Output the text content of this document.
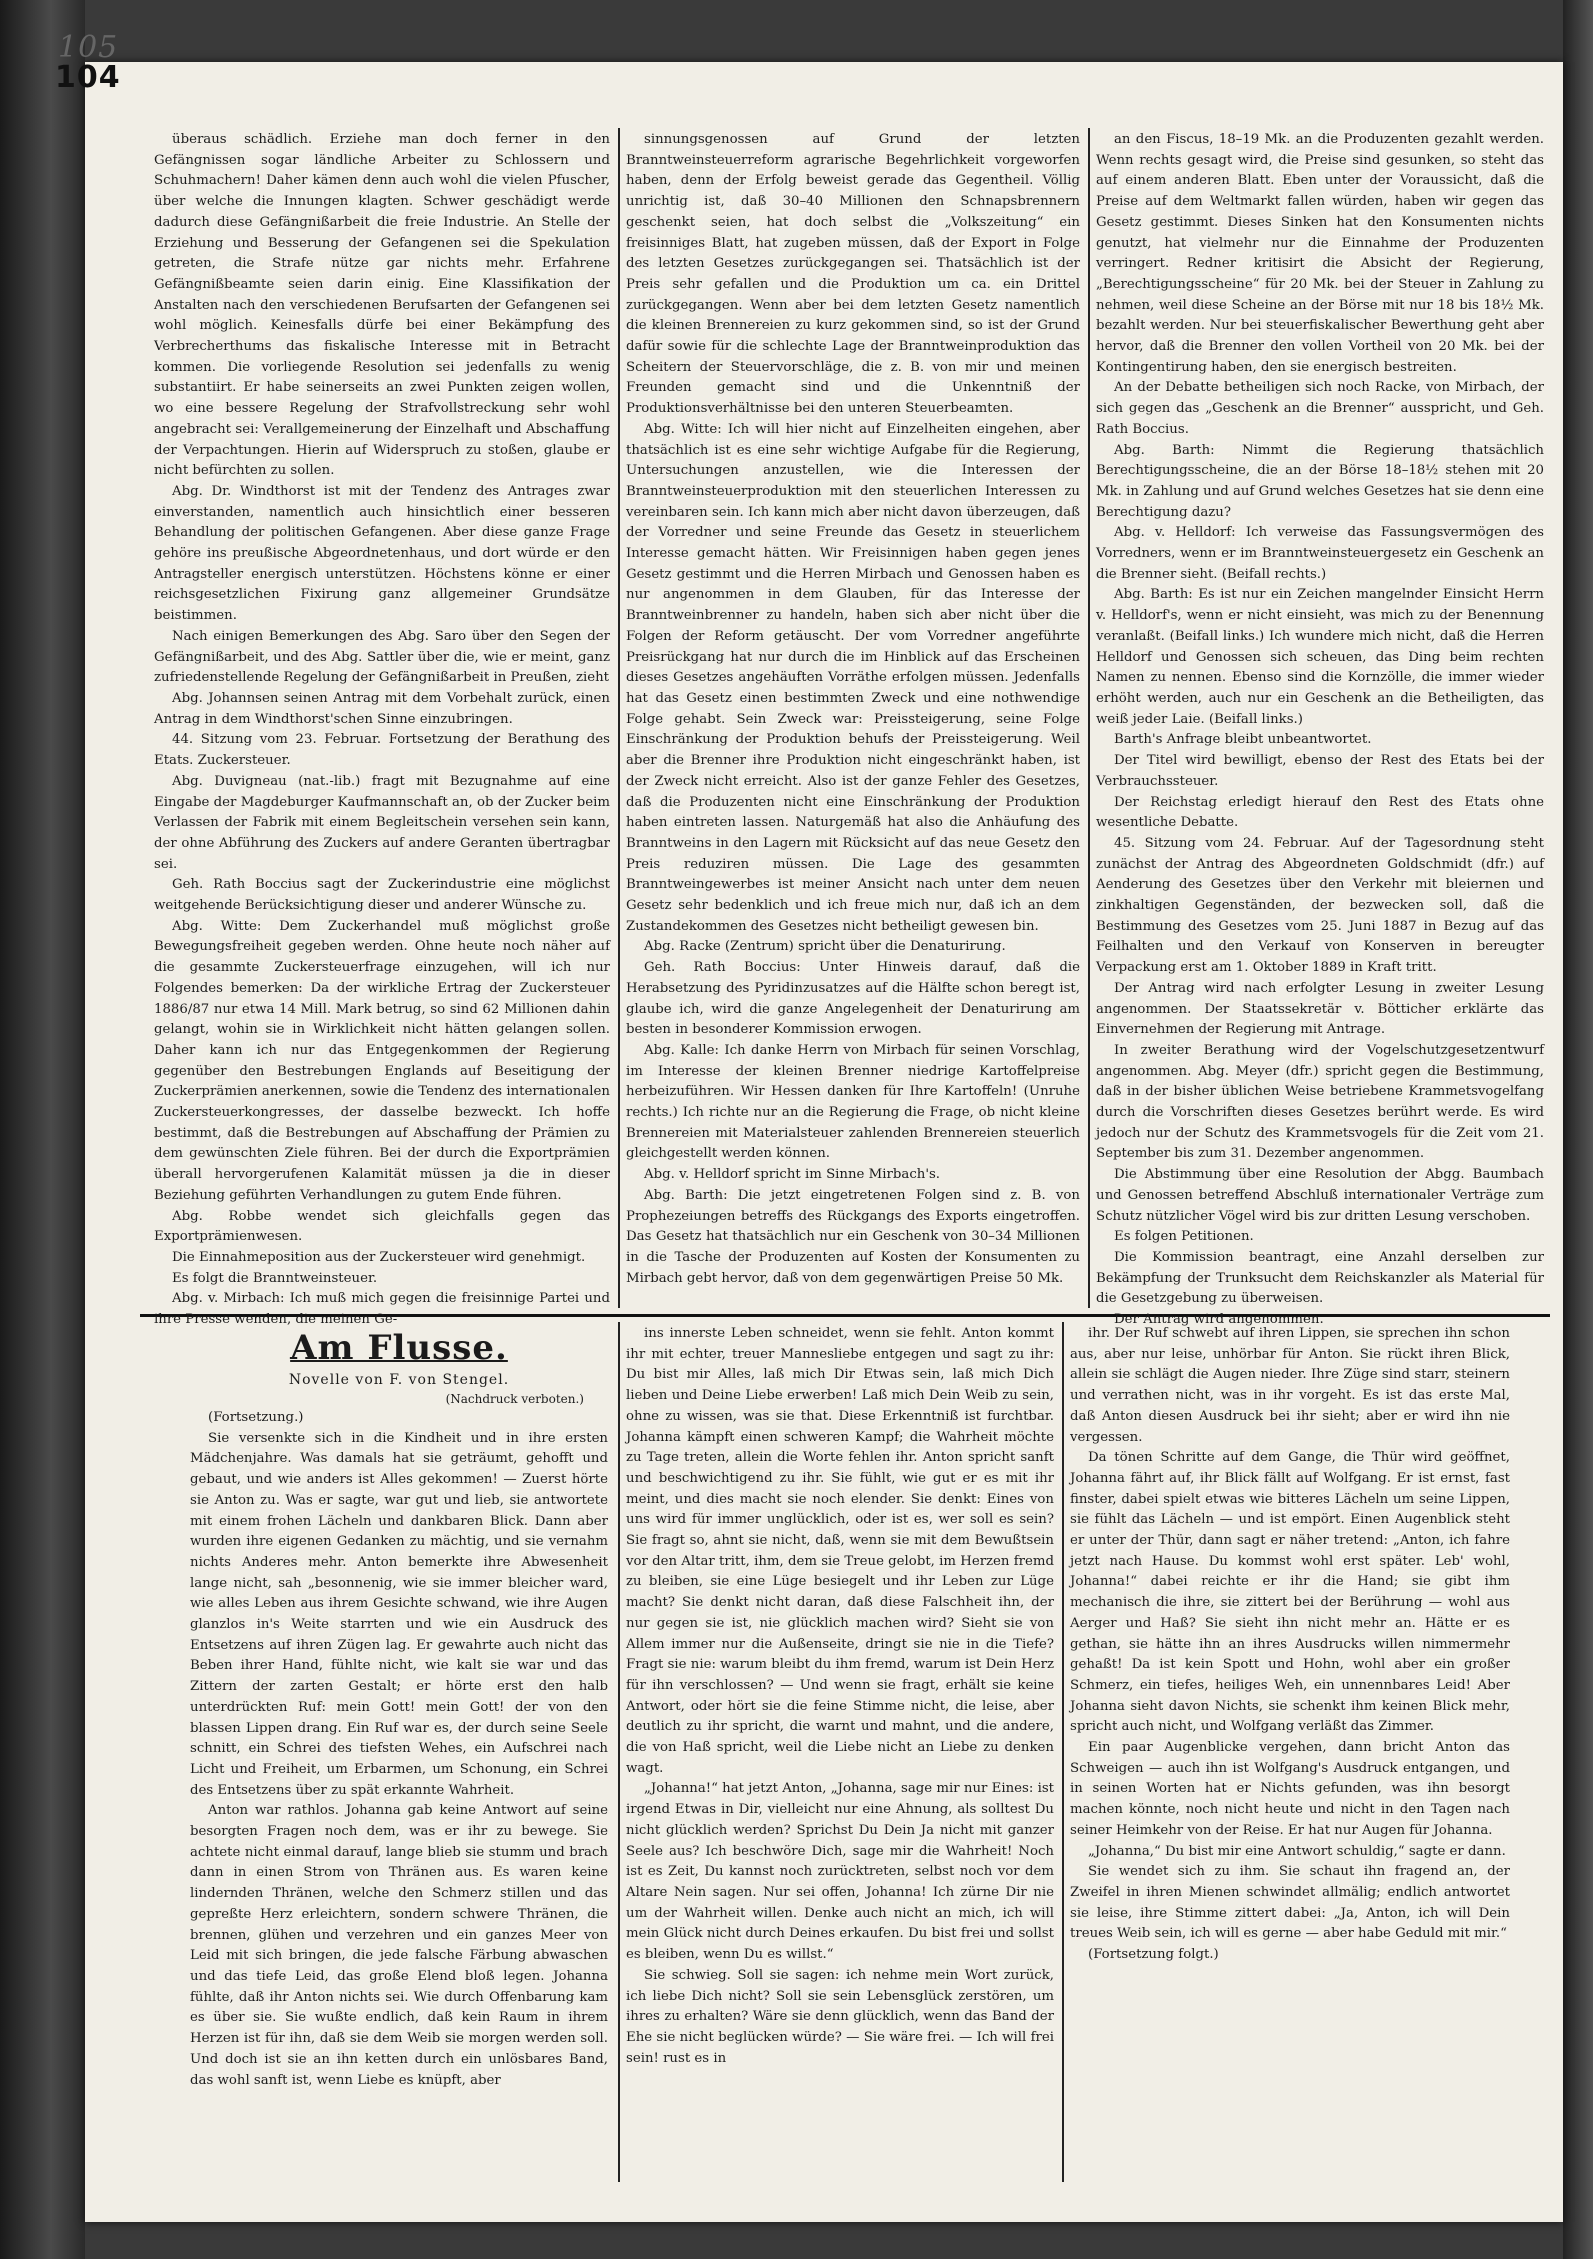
105
104

überaus schädlich. Erziehe man doch ferner in den Gefängnissen sogar ländliche Arbeiter zu Schlossern und Schuhmachern! Daher kämen denn auch wohl die vielen Pfuscher, über welche die Innungen klagten. Schwer geschädigt werde dadurch diese Gefängnißarbeit die freie Industrie. An Stelle der Erziehung und Besserung der Gefangenen sei die Spekulation getreten, die Strafe nütze gar nichts mehr. Erfahrene Gefängnißbeamte seien darin einig. Eine Klassifikation der Anstalten nach den verschiedenen Berufsarten der Gefangenen sei wohl möglich. Keinesfalls dürfe bei einer Bekämpfung des Verbrecherthums das fiskalische Interesse mit in Betracht kommen. Die vorliegende Resolution sei jedenfalls zu wenig substantiirt. Er habe seinerseits an zwei Punkten zeigen wollen, wo eine bessere Regelung der Strafvollstreckung sehr wohl angebracht sei: Verallgemeinerung der Einzelhaft und Abschaffung der Verpachtungen. Hierin auf Widerspruch zu stoßen, glaube er nicht befürchten zu sollen.

Abg. Dr. Windthorst ist mit der Tendenz des Antrages zwar einverstanden, namentlich auch hinsichtlich einer besseren Behandlung der politischen Gefangenen. Aber diese ganze Frage gehöre ins preußische Abgeordnetenhaus, und dort würde er den Antragsteller energisch unterstützen. Höchstens könne er einer reichsgesetzlichen Fixirung ganz allgemeiner Grundsätze beistimmen.

Nach einigen Bemerkungen des Abg. Saro über den Segen der Gefängnißarbeit, und des Abg. Sattler über die, wie er meint, ganz zufriedenstellende Regelung der Gefängnißarbeit in Preußen, zieht

Abg. Johannsen seinen Antrag mit dem Vorbehalt zurück, einen Antrag in dem Windthorst'schen Sinne einzubringen.

44. Sitzung vom 23. Februar. Fortsetzung der Berathung des Etats. Zuckersteuer.

Abg. Duvigneau (nat.-lib.) fragt mit Bezugnahme auf eine Eingabe der Magdeburger Kaufmannschaft an, ob der Zucker beim Verlassen der Fabrik mit einem Begleitschein versehen sein kann, der ohne Abführung des Zuckers auf andere Geranten übertragbar sei.

Geh. Rath Boccius sagt der Zuckerindustrie eine möglichst weitgehende Berücksichtigung dieser und anderer Wünsche zu.

Abg. Witte: Dem Zuckerhandel muß möglichst große Bewegungsfreiheit gegeben werden. Ohne heute noch näher auf die gesammte Zuckersteuerfrage einzugehen, will ich nur Folgendes bemerken: Da der wirkliche Ertrag der Zuckersteuer 1886/87 nur etwa 14 Mill. Mark betrug, so sind 62 Millionen dahin gelangt, wohin sie in Wirklichkeit nicht hätten gelangen sollen. Daher kann ich nur das Entgegenkommen der Regierung gegenüber den Bestrebungen Englands auf Beseitigung der Zuckerprämien anerkennen, sowie die Tendenz des internationalen Zuckersteuerkongresses, der dasselbe bezweckt. Ich hoffe bestimmt, daß die Bestrebungen auf Abschaffung der Prämien zu dem gewünschten Ziele führen. Bei der durch die Exportprämien überall hervorgerufenen Kalamität müssen ja die in dieser Beziehung geführten Verhandlungen zu gutem Ende führen.

Abg. Robbe wendet sich gleichfalls gegen das Exportprämienwesen.

Die Einnahmeposition aus der Zuckersteuer wird genehmigt.

Es folgt die Branntweinsteuer.

Abg. v. Mirbach: Ich muß mich gegen die freisinnige Partei und ihre Presse wenden, die meinen Ge-

sinnungsgenossen auf Grund der letzten Branntweinsteuerreform agrarische Begehrlichkeit vorgeworfen haben, denn der Erfolg beweist gerade das Gegentheil. Völlig unrichtig ist, daß 30–40 Millionen den Schnapsbrennern geschenkt seien, hat doch selbst die „Volkszeitung“ ein freisinniges Blatt, hat zugeben müssen, daß der Export in Folge des letzten Gesetzes zurückgegangen sei. Thatsächlich ist der Preis sehr gefallen und die Produktion um ca. ein Drittel zurückgegangen. Wenn aber bei dem letzten Gesetz namentlich die kleinen Brennereien zu kurz gekommen sind, so ist der Grund dafür sowie für die schlechte Lage der Branntweinproduktion das Scheitern der Steuervorschläge, die z. B. von mir und meinen Freunden gemacht sind und die Unkenntniß der Produktionsverhältnisse bei den unteren Steuerbeamten.

Abg. Witte: Ich will hier nicht auf Einzelheiten eingehen, aber thatsächlich ist es eine sehr wichtige Aufgabe für die Regierung, Untersuchungen anzustellen, wie die Interessen der Branntweinsteuerproduktion mit den steuerlichen Interessen zu vereinbaren sein. Ich kann mich aber nicht davon überzeugen, daß der Vorredner und seine Freunde das Gesetz in steuerlichem Interesse gemacht hätten. Wir Freisinnigen haben gegen jenes Gesetz gestimmt und die Herren Mirbach und Genossen haben es nur angenommen in dem Glauben, für das Interesse der Branntweinbrenner zu handeln, haben sich aber nicht über die Folgen der Reform getäuscht. Der vom Vorredner angeführte Preisrückgang hat nur durch die im Hinblick auf das Erscheinen dieses Gesetzes angehäuften Vorräthe erfolgen müssen. Jedenfalls hat das Gesetz einen bestimmten Zweck und eine nothwendige Folge gehabt. Sein Zweck war: Preissteigerung, seine Folge Einschränkung der Produktion behufs der Preissteigerung. Weil aber die Brenner ihre Produktion nicht eingeschränkt haben, ist der Zweck nicht erreicht. Also ist der ganze Fehler des Gesetzes, daß die Produzenten nicht eine Einschränkung der Produktion haben eintreten lassen. Naturgemäß hat also die Anhäufung des Branntweins in den Lagern mit Rücksicht auf das neue Gesetz den Preis reduziren müssen. Die Lage des gesammten Branntweingewerbes ist meiner Ansicht nach unter dem neuen Gesetz sehr bedenklich und ich freue mich nur, daß ich an dem Zustandekommen des Gesetzes nicht betheiligt gewesen bin.

Abg. Racke (Zentrum) spricht über die Denaturirung.

Geh. Rath Boccius: Unter Hinweis darauf, daß die Herabsetzung des Pyridinzusatzes auf die Hälfte schon beregt ist, glaube ich, wird die ganze Angelegenheit der Denaturirung am besten in besonderer Kommission erwogen.

Abg. Kalle: Ich danke Herrn von Mirbach für seinen Vorschlag, im Interesse der kleinen Brenner niedrige Kartoffelpreise herbeizuführen. Wir Hessen danken für Ihre Kartoffeln! (Unruhe rechts.) Ich richte nur an die Regierung die Frage, ob nicht kleine Brennereien mit Materialsteuer zahlenden Brennereien steuerlich gleichgestellt werden können.

Abg. v. Helldorf spricht im Sinne Mirbach's.

Abg. Barth: Die jetzt eingetretenen Folgen sind z. B. von Prophezeiungen betreffs des Rückgangs des Exports eingetroffen. Das Gesetz hat thatsächlich nur ein Geschenk von 30–34 Millionen in die Tasche der Produzenten auf Kosten der Konsumenten zu Mirbach gebt hervor, daß von dem gegenwärtigen Preise 50 Mk.

an den Fiscus, 18–19 Mk. an die Produzenten gezahlt werden. Wenn rechts gesagt wird, die Preise sind gesunken, so steht das auf einem anderen Blatt. Eben unter der Voraussicht, daß die Preise auf dem Weltmarkt fallen würden, haben wir gegen das Gesetz gestimmt. Dieses Sinken hat den Konsumenten nichts genutzt, hat vielmehr nur die Einnahme der Produzenten verringert. Redner kritisirt die Absicht der Regierung, „Berechtigungsscheine“ für 20 Mk. bei der Steuer in Zahlung zu nehmen, weil diese Scheine an der Börse mit nur 18 bis 18½ Mk. bezahlt werden. Nur bei steuerfiskalischer Bewerthung geht aber hervor, daß die Brenner den vollen Vortheil von 20 Mk. bei der Kontingentirung haben, den sie energisch bestreiten.

An der Debatte betheiligen sich noch Racke, von Mirbach, der sich gegen das „Geschenk an die Brenner“ ausspricht, und Geh. Rath Boccius.

Abg. Barth: Nimmt die Regierung thatsächlich Berechtigungsscheine, die an der Börse 18–18½ stehen mit 20 Mk. in Zahlung und auf Grund welches Gesetzes hat sie denn eine Berechtigung dazu?

Abg. v. Helldorf: Ich verweise das Fassungsvermögen des Vorredners, wenn er im Branntweinsteuergesetz ein Geschenk an die Brenner sieht. (Beifall rechts.)

Abg. Barth: Es ist nur ein Zeichen mangelnder Einsicht Herrn v. Helldorf's, wenn er nicht einsieht, was mich zu der Benennung veranlaßt. (Beifall links.) Ich wundere mich nicht, daß die Herren Helldorf und Genossen sich scheuen, das Ding beim rechten Namen zu nennen. Ebenso sind die Kornzölle, die immer wieder erhöht werden, auch nur ein Geschenk an die Betheiligten, das weiß jeder Laie. (Beifall links.)

Barth's Anfrage bleibt unbeantwortet.

Der Titel wird bewilligt, ebenso der Rest des Etats bei der Verbrauchssteuer.

Der Reichstag erledigt hierauf den Rest des Etats ohne wesentliche Debatte.

45. Sitzung vom 24. Februar. Auf der Tagesordnung steht zunächst der Antrag des Abgeordneten Goldschmidt (dfr.) auf Aenderung des Gesetzes über den Verkehr mit bleiernen und zinkhaltigen Gegenständen, der bezwecken soll, daß die Bestimmung des Gesetzes vom 25. Juni 1887 in Bezug auf das Feilhalten und den Verkauf von Konserven in bereugter Verpackung erst am 1. Oktober 1889 in Kraft tritt.

Der Antrag wird nach erfolgter Lesung in zweiter Lesung angenommen. Der Staatssekretär v. Bötticher erklärte das Einvernehmen der Regierung mit Antrage.

In zweiter Berathung wird der Vogelschutzgesetzentwurf angenommen. Abg. Meyer (dfr.) spricht gegen die Bestimmung, daß in der bisher üblichen Weise betriebene Krammetsvogelfang durch die Vorschriften dieses Gesetzes berührt werde. Es wird jedoch nur der Schutz des Krammetsvogels für die Zeit vom 21. September bis zum 31. Dezember angenommen.

Die Abstimmung über eine Resolution der Abgg. Baumbach und Genossen betreffend Abschluß internationaler Verträge zum Schutz nützlicher Vögel wird bis zur dritten Lesung verschoben.

Es folgen Petitionen.

Die Kommission beantragt, eine Anzahl derselben zur Bekämpfung der Trunksucht dem Reichskanzler als Material für die Gesetzgebung zu überweisen.

Der Antrag wird angenommen.

Am Flusse.
Novelle von F. von Stengel.
(Nachdruck verboten.)

(Fortsetzung.)

Sie versenkte sich in die Kindheit und in ihre ersten Mädchenjahre. Was damals hat sie geträumt, gehofft und gebaut, und wie anders ist Alles gekommen! — Zuerst hörte sie Anton zu. Was er sagte, war gut und lieb, sie antwortete mit einem frohen Lächeln und dankbaren Blick. Dann aber wurden ihre eigenen Gedanken zu mächtig, und sie vernahm nichts Anderes mehr. Anton bemerkte ihre Abwesenheit lange nicht, sah „besonnenig, wie sie immer bleicher ward, wie alles Leben aus ihrem Gesichte schwand, wie ihre Augen glanzlos in's Weite starrten und wie ein Ausdruck des Entsetzens auf ihren Zügen lag. Er gewahrte auch nicht das Beben ihrer Hand, fühlte nicht, wie kalt sie war und das Zittern der zarten Gestalt; er hörte erst den halb unterdrückten Ruf: mein Gott! mein Gott! der von den blassen Lippen drang. Ein Ruf war es, der durch seine Seele schnitt, ein Schrei des tiefsten Wehes, ein Aufschrei nach Licht und Freiheit, um Erbarmen, um Schonung, ein Schrei des Entsetzens über zu spät erkannte Wahrheit.

Anton war rathlos. Johanna gab keine Antwort auf seine besorgten Fragen noch dem, was er ihr zu bewege. Sie achtete nicht einmal darauf, lange blieb sie stumm und brach dann in einen Strom von Thränen aus. Es waren keine lindernden Thränen, welche den Schmerz stillen und das gepreßte Herz erleichtern, sondern schwere Thränen, die brennen, glühen und verzehren und ein ganzes Meer von Leid mit sich bringen, die jede falsche Färbung abwaschen und das tiefe Leid, das große Elend bloß legen. Johanna fühlte, daß ihr Anton nichts sei. Wie durch Offenbarung kam es über sie. Sie wußte endlich, daß kein Raum in ihrem Herzen ist für ihn, daß sie dem Weib sie morgen werden soll. Und doch ist sie an ihn ketten durch ein unlösbares Band, das wohl sanft ist, wenn Liebe es knüpft, aber

ins innerste Leben schneidet, wenn sie fehlt. Anton kommt ihr mit echter, treuer Mannesliebe entgegen und sagt zu ihr: Du bist mir Alles, laß mich Dir Etwas sein, laß mich Dich lieben und Deine Liebe erwerben! Laß mich Dein Weib zu sein, ohne zu wissen, was sie that. Diese Erkenntniß ist furchtbar. Johanna kämpft einen schweren Kampf; die Wahrheit möchte zu Tage treten, allein die Worte fehlen ihr. Anton spricht sanft und beschwichtigend zu ihr. Sie fühlt, wie gut er es mit ihr meint, und dies macht sie noch elender. Sie denkt: Eines von uns wird für immer unglücklich, oder ist es, wer soll es sein? Sie fragt so, ahnt sie nicht, daß, wenn sie mit dem Bewußtsein vor den Altar tritt, ihm, dem sie Treue gelobt, im Herzen fremd zu bleiben, sie eine Lüge besiegelt und ihr Leben zur Lüge macht? Sie denkt nicht daran, daß diese Falschheit ihn, der nur gegen sie ist, nie glücklich machen wird? Sieht sie von Allem immer nur die Außenseite, dringt sie nie in die Tiefe? Fragt sie nie: warum bleibt du ihm fremd, warum ist Dein Herz für ihn verschlossen? — Und wenn sie fragt, erhält sie keine Antwort, oder hört sie die feine Stimme nicht, die leise, aber deutlich zu ihr spricht, die warnt und mahnt, und die andere, die von Haß spricht, weil die Liebe nicht an Liebe zu denken wagt.

„Johanna!“ hat jetzt Anton, „Johanna, sage mir nur Eines: ist irgend Etwas in Dir, vielleicht nur eine Ahnung, als solltest Du nicht glücklich werden? Sprichst Du Dein Ja nicht mit ganzer Seele aus? Ich beschwöre Dich, sage mir die Wahrheit! Noch ist es Zeit, Du kannst noch zurücktreten, selbst noch vor dem Altare Nein sagen. Nur sei offen, Johanna! Ich zürne Dir nie um der Wahrheit willen. Denke auch nicht an mich, ich will mein Glück nicht durch Deines erkaufen. Du bist frei und sollst es bleiben, wenn Du es willst.“

Sie schwieg. Soll sie sagen: ich nehme mein Wort zurück, ich liebe Dich nicht? Soll sie sein Lebensglück zerstören, um ihres zu erhalten? Wäre sie denn glücklich, wenn das Band der Ehe sie nicht beglücken würde? — Sie wäre frei. — Ich will frei sein! rust es in

ihr. Der Ruf schwebt auf ihren Lippen, sie sprechen ihn schon aus, aber nur leise, unhörbar für Anton. Sie rückt ihren Blick, allein sie schlägt die Augen nieder. Ihre Züge sind starr, steinern und verrathen nicht, was in ihr vorgeht. Es ist das erste Mal, daß Anton diesen Ausdruck bei ihr sieht; aber er wird ihn nie vergessen.

Da tönen Schritte auf dem Gange, die Thür wird geöffnet, Johanna fährt auf, ihr Blick fällt auf Wolfgang. Er ist ernst, fast finster, dabei spielt etwas wie bitteres Lächeln um seine Lippen, sie fühlt das Lächeln — und ist empört. Einen Augenblick steht er unter der Thür, dann sagt er näher tretend: „Anton, ich fahre jetzt nach Hause. Du kommst wohl erst später. Leb' wohl, Johanna!“ dabei reichte er ihr die Hand; sie gibt ihm mechanisch die ihre, sie zittert bei der Berührung — wohl aus Aerger und Haß? Sie sieht ihn nicht mehr an. Hätte er es gethan, sie hätte ihn an ihres Ausdrucks willen nimmermehr gehaßt! Da ist kein Spott und Hohn, wohl aber ein großer Schmerz, ein tiefes, heiliges Weh, ein unnennbares Leid! Aber Johanna sieht davon Nichts, sie schenkt ihm keinen Blick mehr, spricht auch nicht, und Wolfgang verläßt das Zimmer.

Ein paar Augenblicke vergehen, dann bricht Anton das Schweigen — auch ihn ist Wolfgang's Ausdruck entgangen, und in seinen Worten hat er Nichts gefunden, was ihn besorgt machen könnte, noch nicht heute und nicht in den Tagen nach seiner Heimkehr von der Reise. Er hat nur Augen für Johanna.

„Johanna,“ Du bist mir eine Antwort schuldig,“ sagte er dann.

Sie wendet sich zu ihm. Sie schaut ihn fragend an, der Zweifel in ihren Mienen schwindet allmälig; endlich antwortet sie leise, ihre Stimme zittert dabei: „Ja, Anton, ich will Dein treues Weib sein, ich will es gerne — aber habe Geduld mit mir.“

(Fortsetzung folgt.)
